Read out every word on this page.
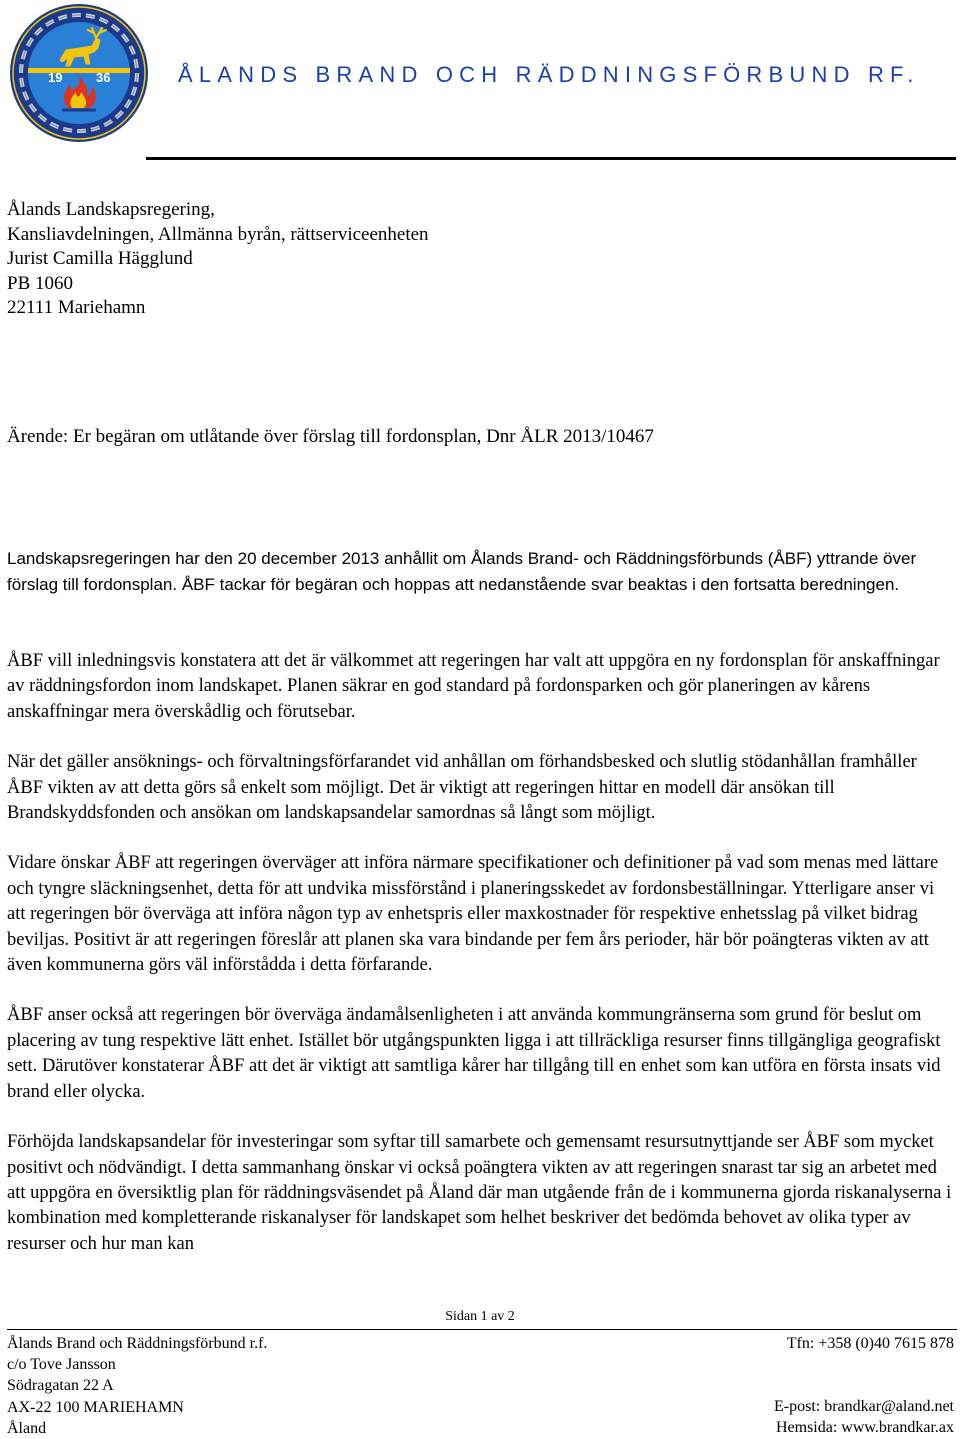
19	36	ÅLANDS BRAND OCH RÄDDNINGSFÖRBUND RF.
Ålands Landskapsregering,
Kansliavdelningen, Allmänna byrån, rättserviceenheten
Jurist Camilla Hägglund
PB 1060
22111 Mariehamn
Ärende: Er begäran om utlåtande över förslag till fordonsplan, Dnr ÅLR 2013/10467
Landskapsregeringen har den 20 december 2013 anhållit om Ålands Brand- och Räddningsförbunds (ÅBF) yttrande över förslag till fordonsplan. ÅBF tackar för begäran och hoppas att nedanstående svar beaktas i den fortsatta beredningen.

ÅBF vill inledningsvis konstatera att det är välkommet att regeringen har valt att uppgöra en ny fordonsplan för anskaffningar av räddningsfordon inom landskapet. Planen säkrar en god standard på fordonsparken och gör planeringen av kårens anskaffningar mera överskådlig och förutsebar.

När det gäller ansöknings- och förvaltningsförfarandet vid anhållan om förhandsbesked och slutlig stödanhållan framhåller ÅBF vikten av att detta görs så enkelt som möjligt. Det är viktigt att regeringen hittar en modell där ansökan till Brandskyddsfonden och ansökan om landskapsandelar samordnas så långt som möjligt.

Vidare önskar ÅBF att regeringen överväger att införa närmare specifikationer och definitioner på vad som menas med lättare och tyngre släckningsenhet, detta för att undvika missförstånd i planeringsskedet av fordonsbeställningar. Ytterligare anser vi att regeringen bör överväga att införa någon typ av enhetspris eller maxkostnader för respektive enhetsslag på vilket bidrag beviljas. Positivt är att regeringen föreslår att planen ska vara bindande per fem års perioder, här bör poängteras vikten av att även kommunerna görs väl införstådda i detta förfarande.

ÅBF anser också att regeringen bör överväga ändamålsenligheten i att använda kommungränserna som grund för beslut om placering av tung respektive lätt enhet. Istället bör utgångspunkten ligga i att tillräckliga resurser finns tillgängliga geografiskt sett. Därutöver konstaterar ÅBF att det är viktigt att samtliga kårer har tillgång till en enhet som kan utföra en första insats vid brand eller olycka.

Förhöjda landskapsandelar för investeringar som syftar till samarbete och gemensamt resursutnyttjande ser ÅBF som mycket positivt och nödvändigt. I detta sammanhang önskar vi också poängtera vikten av att regeringen snarast tar sig an arbetet med att uppgöra en översiktlig plan för räddningsväsendet på Åland där man utgående från de i kommunerna gjorda riskanalyserna i kombination med kompletterande riskanalyser för landskapet som helhet beskriver det bedömda behovet av olika typer av resurser och hur man kan

Sidan 1 av 2
Ålands Brand och Räddningsförbund r.f.
c/o Tove Jansson
Södragatan 22 A
AX-22 100 MARIEHAMN
Åland
Tfn: +358 (0)40 7615 878
E-post: brandkar@aland.net
Hemsida: www.brandkar.ax
